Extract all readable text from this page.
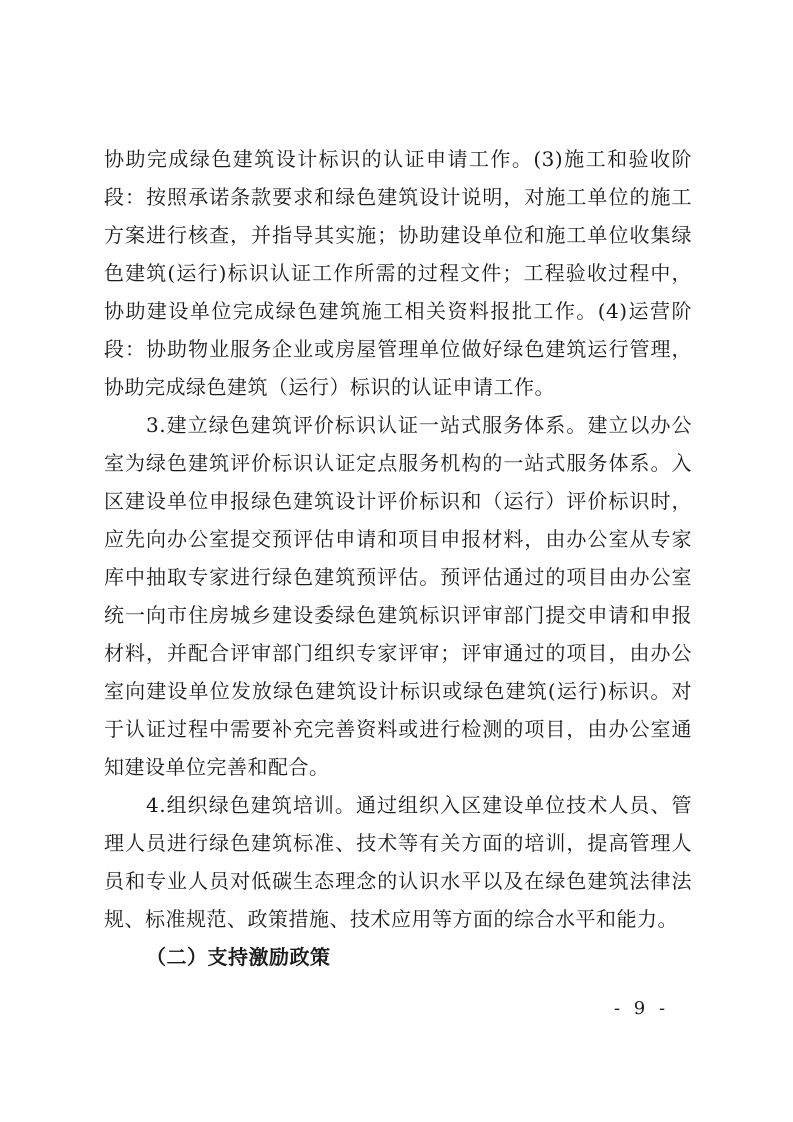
协助完成绿色建筑设计标识的认证申请工作。(3)施工和验收阶段：按照承诺条款要求和绿色建筑设计说明，对施工单位的施工方案进行核查，并指导其实施；协助建设单位和施工单位收集绿色建筑(运行)标识认证工作所需的过程文件；工程验收过程中，协助建设单位完成绿色建筑施工相关资料报批工作。(4)运营阶段：协助物业服务企业或房屋管理单位做好绿色建筑运行管理，协助完成绿色建筑（运行）标识的认证申请工作。

3.建立绿色建筑评价标识认证一站式服务体系。建立以办公室为绿色建筑评价标识认证定点服务机构的一站式服务体系。入区建设单位申报绿色建筑设计评价标识和（运行）评价标识时，应先向办公室提交预评估申请和项目申报材料，由办公室从专家库中抽取专家进行绿色建筑预评估。预评估通过的项目由办公室统一向市住房城乡建设委绿色建筑标识评审部门提交申请和申报材料，并配合评审部门组织专家评审；评审通过的项目，由办公室向建设单位发放绿色建筑设计标识或绿色建筑(运行)标识。对于认证过程中需要补充完善资料或进行检测的项目，由办公室通知建设单位完善和配合。

4.组织绿色建筑培训。通过组织入区建设单位技术人员、管理人员进行绿色建筑标准、技术等有关方面的培训，提高管理人员和专业人员对低碳生态理念的认识水平以及在绿色建筑法律法规、标准规范、政策措施、技术应用等方面的综合水平和能力。

（二）支持激励政策

- 9 -
